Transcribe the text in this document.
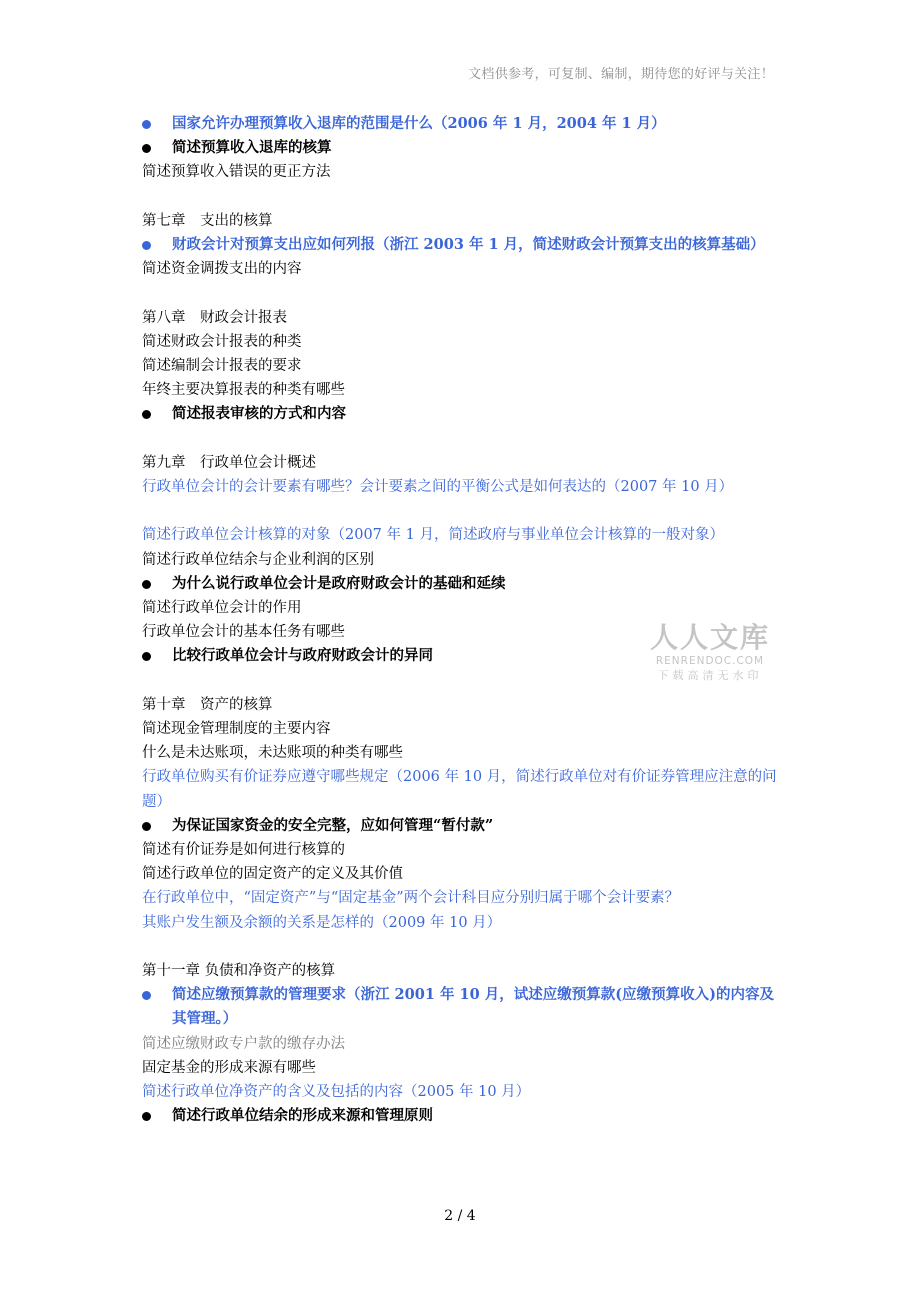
文档供参考，可复制、编制，期待您的好评与关注！
国家允许办理预算收入退库的范围是什么（2006 年 1 月，2004 年 1 月）
简述预算收入退库的核算
简述预算收入错误的更正方法
第七章　支出的核算
财政会计对预算支出应如何列报（浙江 2003 年 1 月，简述财政会计预算支出的核算基础）
简述资金调拨支出的内容
第八章　财政会计报表
简述财政会计报表的种类
简述编制会计报表的要求
年终主要决算报表的种类有哪些
简述报表审核的方式和内容
第九章　行政单位会计概述
行政单位会计的会计要素有哪些？会计要素之间的平衡公式是如何表达的（2007 年 10 月）
简述行政单位会计核算的对象（2007 年 1 月，简述政府与事业单位会计核算的一般对象）
简述行政单位结余与企业利润的区别
为什么说行政单位会计是政府财政会计的基础和延续
简述行政单位会计的作用
行政单位会计的基本任务有哪些
比较行政单位会计与政府财政会计的异同
第十章　资产的核算
简述现金管理制度的主要内容
什么是未达账项，未达账项的种类有哪些
行政单位购买有价证券应遵守哪些规定（2006 年 10 月，简述行政单位对有价证券管理应注意的问题）
为保证国家资金的安全完整，应如何管理“暂付款”
简述有价证券是如何进行核算的
简述行政单位的固定资产的定义及其价值
在行政单位中，“固定资产”与“固定基金”两个会计科目应分别归属于哪个会计要素？
其账户发生额及余额的关系是怎样的（2009 年 10 月）
第十一章 负债和净资产的核算
简述应缴预算款的管理要求（浙江 2001 年 10 月，试述应缴预算款(应缴预算收入)的内容及其管理。）
简述应缴财政专户款的缴存办法
固定基金的形成来源有哪些
简述行政单位净资产的含义及包括的内容（2005 年 10 月）
简述行政单位结余的形成来源和管理原则
人人文库
RENRENDOC.COM
下载高清无水印
2 / 4
